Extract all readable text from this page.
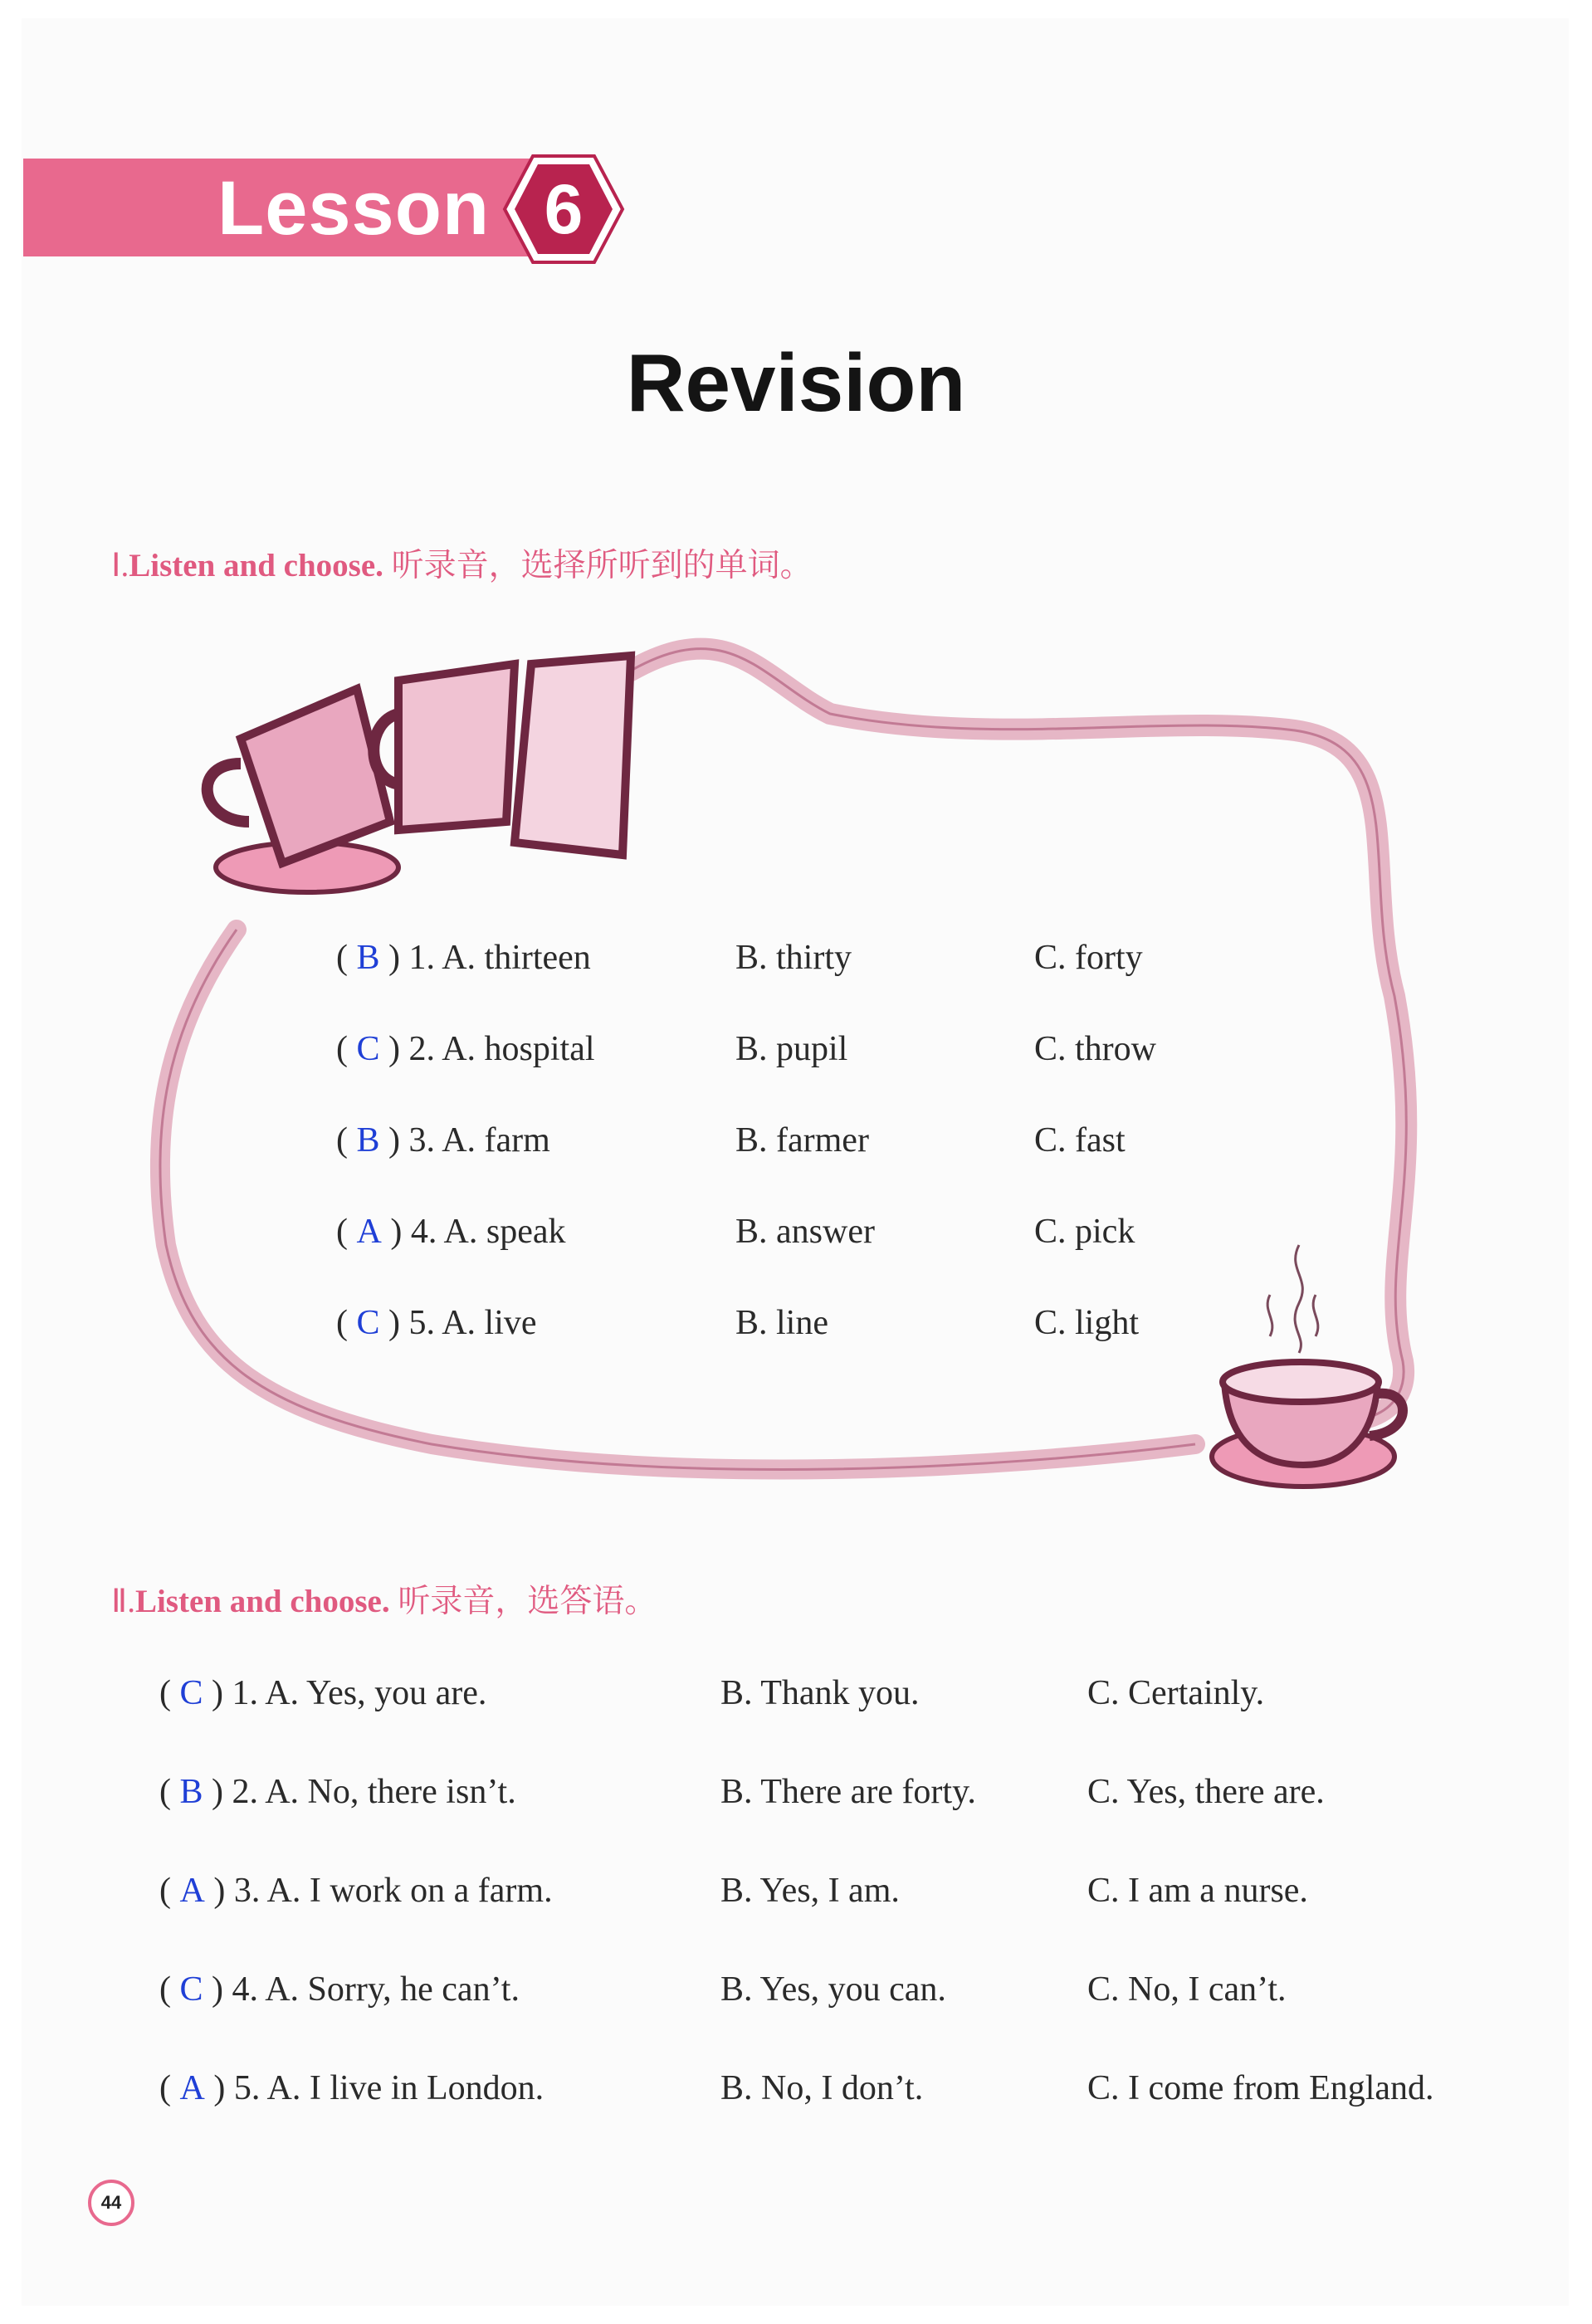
Lesson 6
Revision
Ⅰ.Listen and choose. 听录音，选择所听到的单词。
( B ) 1. A. thirteen	B. thirty	C. forty
( C ) 2. A. hospital	B. pupil	C. throw
( B ) 3. A. farm	B. farmer	C. fast
( A ) 4. A. speak	B. answer	C. pick
( C ) 5. A. live	B. line	C. light
Ⅱ.Listen and choose. 听录音，选答语。
( C ) 1. A. Yes, you are.	B. Thank you.	C. Certainly.
( B ) 2. A. No, there isn’t.	B. There are forty.	C. Yes, there are.
( A ) 3. A. I work on a farm.	B. Yes, I am.	C. I am a nurse.
( C ) 4. A. Sorry, he can’t.	B. Yes, you can.	C. No, I can’t.
( A ) 5. A. I live in London.	B. No, I don’t.	C. I come from England.
44
